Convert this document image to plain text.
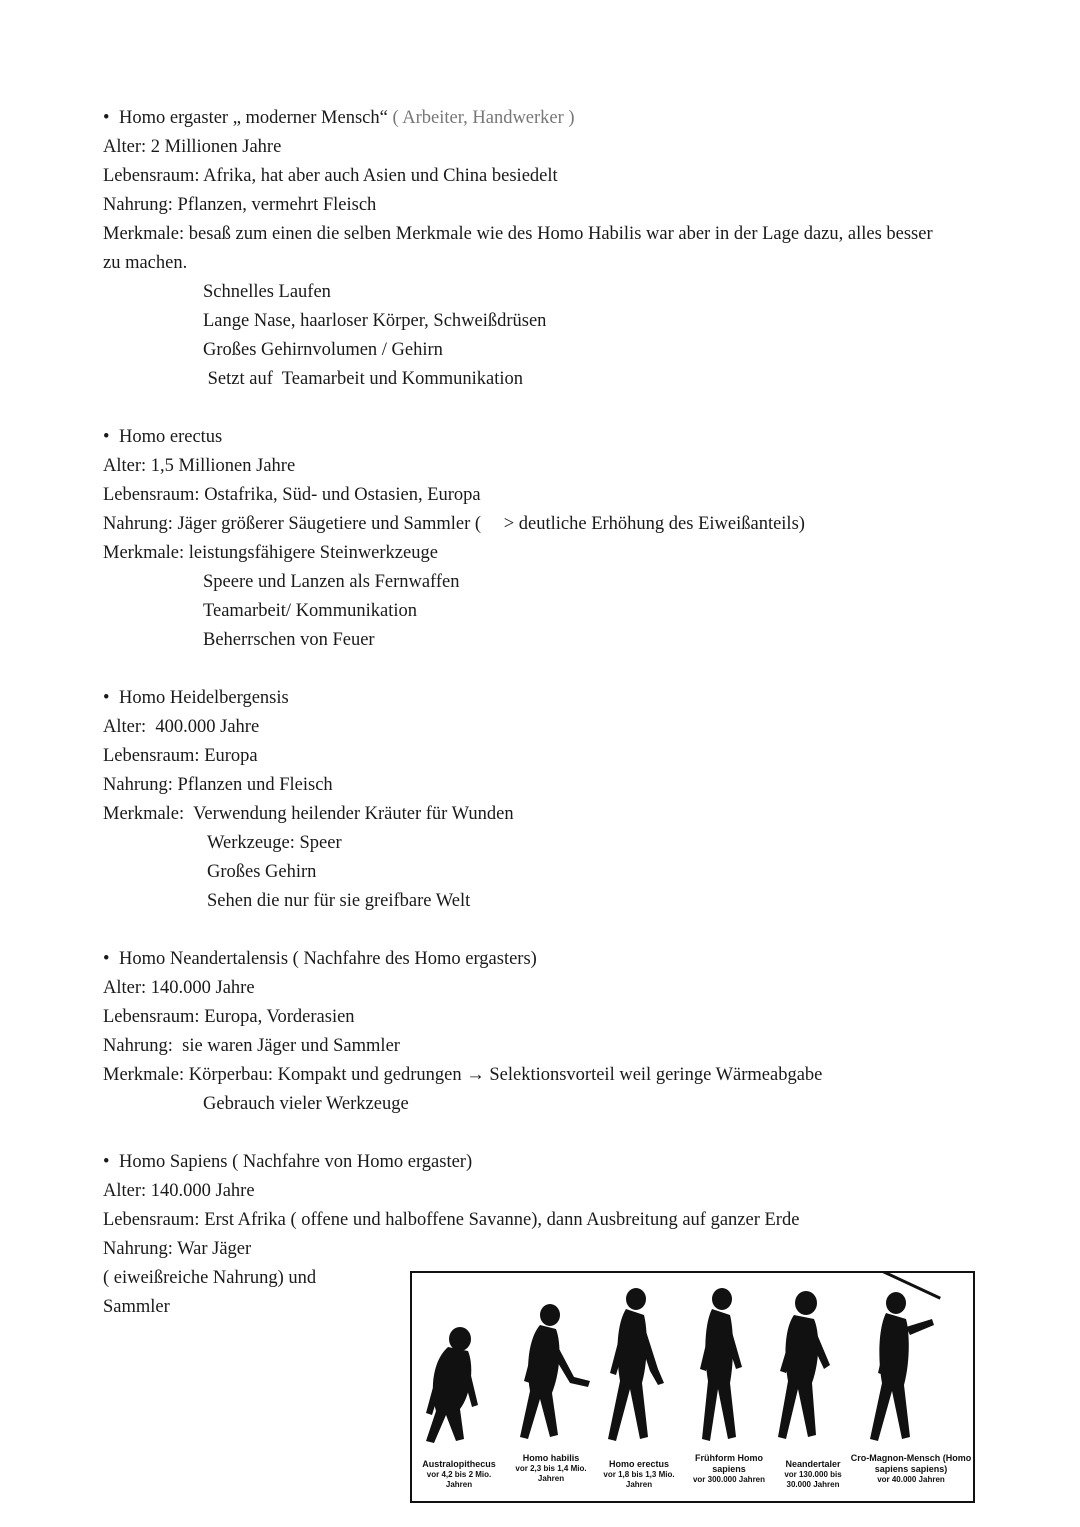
• Homo ergaster „ moderner Mensch“ ( Arbeiter, Handwerker )
Alter: 2 Millionen Jahre
Lebensraum: Afrika, hat aber auch Asien und China besiedelt
Nahrung: Pflanzen, vermehrt Fleisch
Merkmale: besaß zum einen die selben Merkmale wie des Homo Habilis war aber in der Lage dazu, alles besser zu machen.
Schnelles Laufen
Lange Nase, haarloser Körper, Schweißdrüsen
Großes Gehirnvolumen / Gehirn
Setzt auf  Teamarbeit und Kommunikation
• Homo erectus
Alter: 1,5 Millionen Jahre
Lebensraum: Ostafrika, Süd- und Ostasien, Europa
Nahrung: Jäger größerer Säugetiere und Sammler ( > deutliche Erhöhung des Eiweißanteils)
Merkmale: leistungsfähigere Steinwerkzeuge
Speere und Lanzen als Fernwaffen
Teamarbeit/ Kommunikation
Beherrschen von Feuer
• Homo Heidelbergensis
Alter:  400.000 Jahre
Lebensraum: Europa
Nahrung: Pflanzen und Fleisch
Merkmale:  Verwendung heilender Kräuter für Wunden
Werkzeuge: Speer
Großes Gehirn
Sehen die nur für sie greifbare Welt
• Homo Neandertalensis ( Nachfahre des Homo ergasters)
Alter: 140.000 Jahre
Lebensraum: Europa, Vorderasien
Nahrung:  sie waren Jäger und Sammler
Merkmale: Körperbau: Kompakt und gedrungen → Selektionsvorteil weil geringe Wärmeabgabe
Gebrauch vieler Werkzeuge
• Homo Sapiens ( Nachfahre von Homo ergaster)
Alter: 140.000 Jahre
Lebensraum: Erst Afrika ( offene und halboffene Savanne), dann Ausbreitung auf ganzer Erde
Nahrung: War Jäger
( eiweißreiche Nahrung) und
Sammler
Australopithecus
vor 4,2 bis 2 Mio. Jahren
Homo habilis
vor 2,3 bis 1,4 Mio. Jahren
Homo erectus
vor 1,8 bis 1,3 Mio. Jahren
Frühform Homo sapiens
vor 300.000 Jahren
Neandertaler
vor 130.000 bis 30.000 Jahren
Cro-Magnon-Mensch (Homo sapiens sapiens)
vor 40.000 Jahren
